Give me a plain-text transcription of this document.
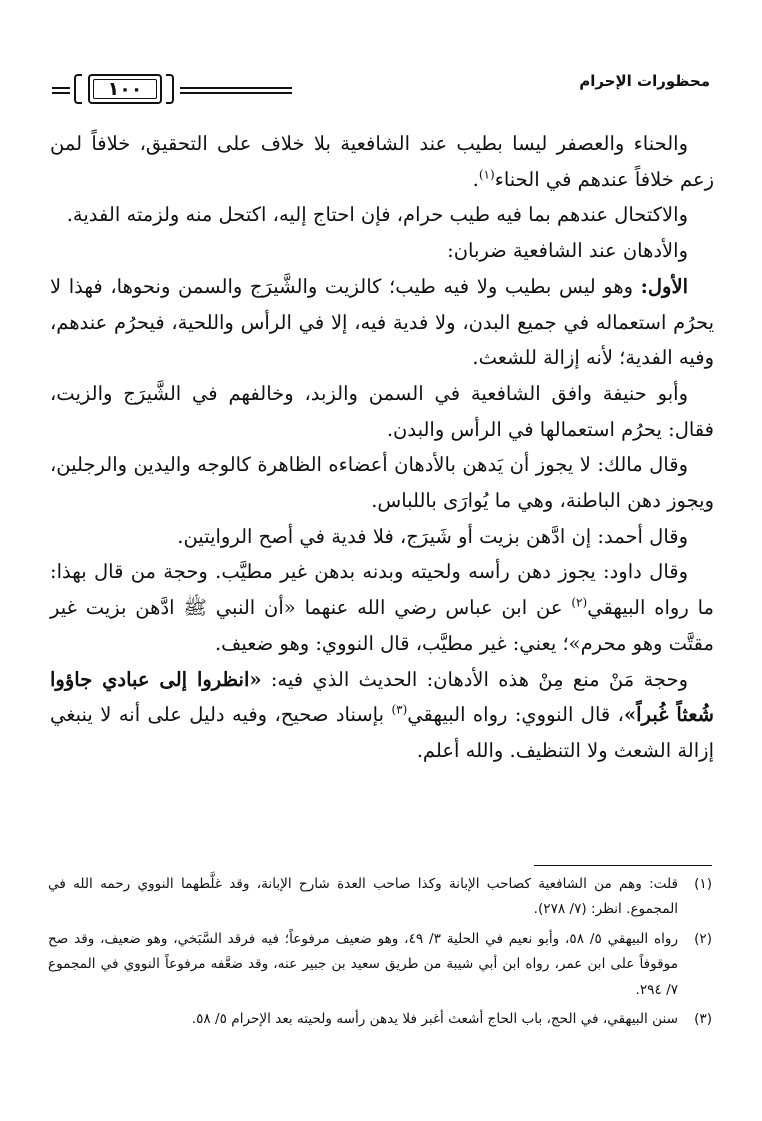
محظورات الإحرام
١٠٠

والحناء والعصفر ليسا بطيب عند الشافعية بلا خلاف على التحقيق، خلافاً لمن زعم خلافاً عندهم في الحناء$^{(١)}$.

والاكتحال عندهم بما فيه طيب حرام، فإن احتاج إليه، اكتحل منه ولزمته الفدية.

والأدهان عند الشافعية ضربان:

الأول: وهو ليس بطيب ولا فيه طيب؛ كالزيت والشَّيرَج والسمن ونحوها، فهذا لا يحرُم استعماله في جميع البدن، ولا فدية فيه، إلا في الرأس واللحية، فيحرُم عندهم، وفيه الفدية؛ لأنه إزالة للشعث.

وأبو حنيفة وافق الشافعية في السمن والزبد، وخالفهم في الشَّيرَج والزيت، فقال: يحرُم استعمالها في الرأس والبدن.

وقال مالك: لا يجوز أن يَدهن بالأدهان أعضاءه الظاهرة كالوجه واليدين والرجلين، ويجوز دهن الباطنة، وهي ما يُوارَى باللباس.

وقال أحمد: إن ادَّهن بزيت أو شَيرَج، فلا فدية في أصح الروايتين.

وقال داود: يجوز دهن رأسه ولحيته وبدنه بدهن غير مطيَّب. وحجة من قال بهذا: ما رواه البيهقي$^{(٢)}$ عن ابن عباس رضي الله عنهما «أن النبي ﷺ ادَّهن بزيت غير مقتَّت وهو محرم»؛ يعني: غير مطيَّب، قال النووي: وهو ضعيف.

وحجة مَنْ منع مِنْ هذه الأدهان: الحديث الذي فيه: «انظروا إلى عبادي جاؤوا شُعثاً غُبراً»، قال النووي: رواه البيهقي$^{(٣)}$ بإسناد صحيح، وفيه دليل على أنه لا ينبغي إزالة الشعث ولا التنظيف. والله أعلم.

(١)
قلت: وهم من الشافعية كصاحب الإبانة وكذا صاحب العدة شارح الإبانة، وقد غلَّطهما النووي رحمه الله في المجموع. انظر: (٧/ ٢٧٨).
(٢)
رواه البيهقي ٥/ ٥٨، وأبو نعيم في الحلية ٣/ ٤٩، وهو ضعيف مرفوعاً؛ فيه فرقد السَّبَخي، وهو ضعيف، وقد صح موقوفاً على ابن عمر، رواه ابن أبي شيبة من طريق سعيد بن جبير عنه، وقد ضعَّفه مرفوعاً النووي في المجموع ٧/ ٢٩٤.
(٣)
سنن البيهقي، في الحج، باب الحاج أشعث أغبر فلا يدهن رأسه ولحيته بعد الإحرام ٥/ ٥٨.
